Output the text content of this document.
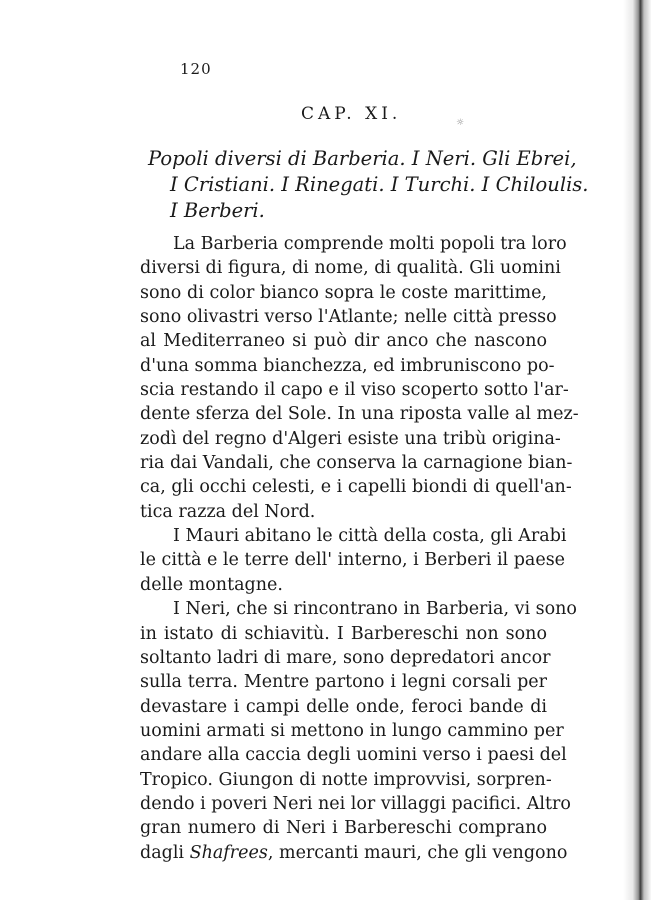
120
CAP. XI.	☼
Popoli diversi di Barberia. I Neri. Gli Ebrei,
I Cristiani. I Rinegati. I Turchi. I Chiloulis.
I Berberi.
La Barberia comprende molti popoli tra loro
diversi di figura, di nome, di qualità. Gli uomini
sono di color bianco sopra le coste marittime,
sono olivastri verso l'Atlante; nelle città presso
al Mediterraneo si può dir anco che nascono
d'una somma bianchezza, ed imbruniscono po-
scia restando il capo e il viso scoperto sotto l'ar-
dente sferza del Sole. In una riposta valle al mez-
zodì del regno d'Algeri esiste una tribù origina-
ria dai Vandali, che conserva la carnagione bian-
ca, gli occhi celesti, e i capelli biondi di quell'an-
tica razza del Nord.
I Mauri abitano le città della costa, gli Arabi
le città e le terre dell' interno, i Berberi il paese
delle montagne.
I Neri, che si rincontrano in Barberia, vi sono
in istato di schiavitù. I Barbereschi non sono
soltanto ladri di mare, sono depredatori ancor
sulla terra. Mentre partono i legni corsali per
devastare i campi delle onde, feroci bande di
uomini armati si mettono in lungo cammino per
andare alla caccia degli uomini verso i paesi del
Tropico. Giungon di notte improvvisi, sorpren-
dendo i poveri Neri nei lor villaggi pacifici. Altro
gran numero di Neri i Barbereschi comprano
dagli Shafrees, mercanti mauri, che gli vengono
